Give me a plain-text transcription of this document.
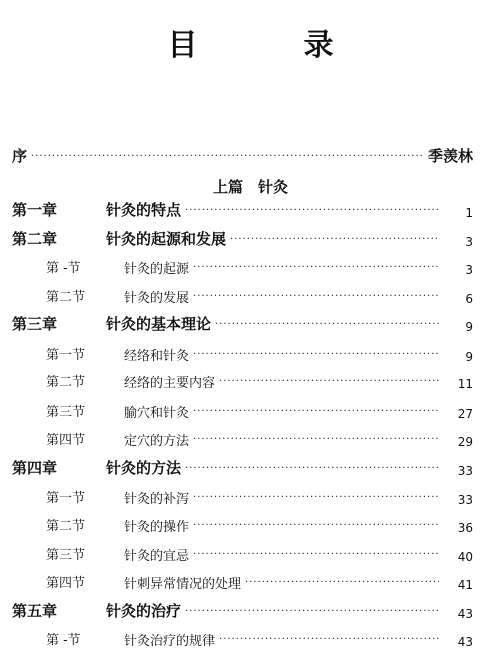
目　录
序 ·····	季羡林
上篇　针灸
第一章	针灸的特点 ·····	1
第二章	针灸的起源和发展 ·····	3
第 -节	针灸的起源 ·····	3
第二节	针灸的发展 ·····	6
第三章	针灸的基本理论 ·····	9
第一节	经络和针灸 ·····	9
第二节	经络的主要内容 ·····	11
第三节	腧穴和针灸 ·····	27
第四节	定穴的方法 ·····	29
第四章	针灸的方法 ·····	33
第一节	针灸的补泻 ·····	33
第二节	针灸的操作 ·····	36
第三节	针灸的宜忌 ·····	40
第四节	针刺异常情况的处理 ·····	41
第五章	针灸的治疗 ·····	43
第 -节	针灸治疗的规律 ·····	43
